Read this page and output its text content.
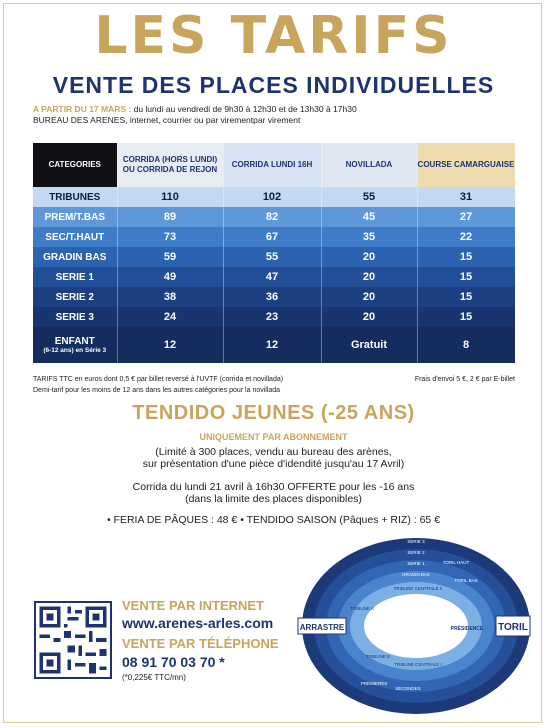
LES TARIFS
VENTE DES PLACES INDIVIDUELLES
A PARTIR DU 17 MARS : du lundi au vendredi de 9h30 à 12h30 et de 13h30 à 17h30
BUREAU DES ARENES, internet, courrier ou par virementpar virement
CATEGORIES	CORRIDA (HORS LUNDI) OU CORRIDA DE REJON	CORRIDA LUNDI 16H	NOVILLADA	COURSE CAMARGUAISE
TRIBUNES	110	102	55	31
PREM/T.BAS	89	82	45	27
SEC/T.HAUT	73	67	35	22
GRADIN BAS	59	55	20	15
SERIE 1	49	47	20	15
SERIE 2	38	36	20	15
SERIE 3	24	23	20	15
ENFANT
(6-12 ans) en Série 3	12	12	Gratuit	8
TARIFS TTC en euros dont 0,5 € par billet reversé à l'UVTF (corrida et novillada)
Demi-tarif pour les moins de 12 ans dans les autres catégories pour la novillada
Frais d'envoi 5 €, 2 € par E-billet
TENDIDO JEUNES (-25 ANS)
UNIQUEMENT PAR ABONNEMENT
(Limité à 300 places, vendu au bureau des arènes,
sur présentation d'une pièce d'idendité jusqu'au 17 Avril)
Corrida du lundi 21 avril à 16h30 OFFERTE pour les -16 ans
(dans la limite des places disponibles)
• FERIA DE PÂQUES : 48 € • TENDIDO SAISON (Pâques + RIZ) : 65 €
VENTE PAR INTERNET
www.arenes-arles.com
VENTE PAR TÉLÉPHONE
08 91 70 03 70 *
(*0,225€ TTC/mn)
ARRASTRE	TORIL
PRÉSIDENCE
SERIE 3
SERIE 2
SERIE 1
GRADIN BAS
TORIL HAUT
TORIL BAS
TRIBUNE CENTRALE II
TRIBUNE CENTRALE I
TRIBUNE B
TRIBUNE A
PREMIERES
SECONDES
